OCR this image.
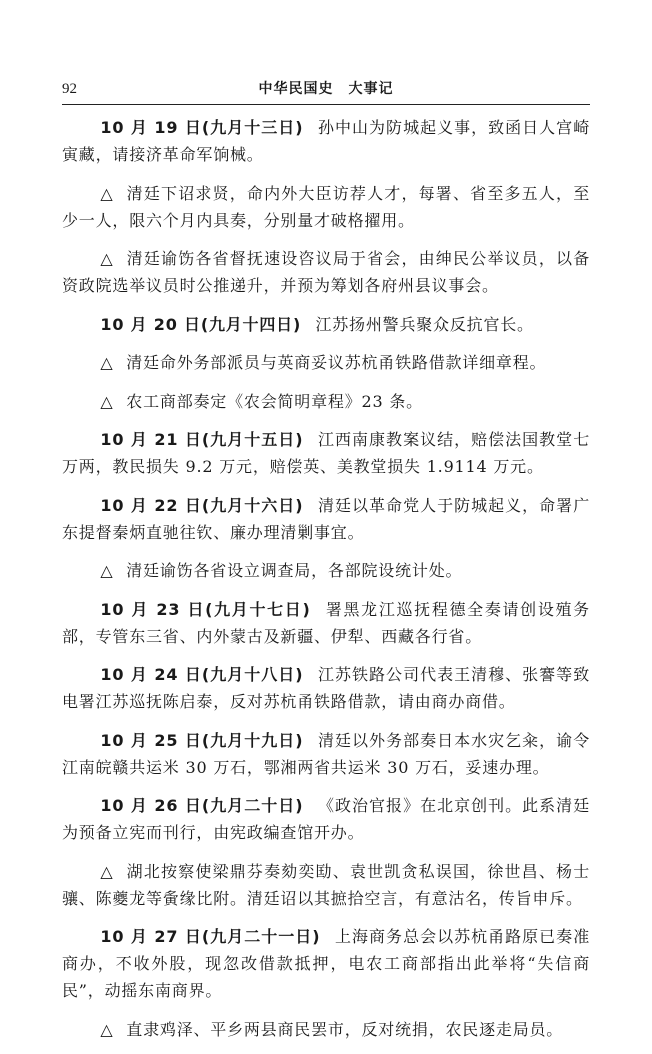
92	中华民国史　大事记

10 月 19 日(九月十三日) 孙中山为防城起义事，致函日人宫崎寅藏，请接济革命军饷械。

△ 清廷下诏求贤，命内外大臣访荐人才，每署、省至多五人，至少一人，限六个月内具奏，分别量才破格擢用。

△ 清廷谕饬各省督抚速设咨议局于省会，由绅民公举议员，以备资政院选举议员时公推递升，并预为筹划各府州县议事会。

10 月 20 日(九月十四日) 江苏扬州警兵聚众反抗官长。

△ 清廷命外务部派员与英商妥议苏杭甬铁路借款详细章程。

△ 农工商部奏定《农会简明章程》23 条。

10 月 21 日(九月十五日) 江西南康教案议结，赔偿法国教堂七万两，教民损失 9.2 万元，赔偿英、美教堂损失 1.9114 万元。

10 月 22 日(九月十六日) 清廷以革命党人于防城起义，命署广东提督秦炳直驰往钦、廉办理清剿事宜。

△ 清廷谕饬各省设立调查局，各部院设统计处。

10 月 23 日(九月十七日) 署黑龙江巡抚程德全奏请创设殖务部，专管东三省、内外蒙古及新疆、伊犁、西藏各行省。

10 月 24 日(九月十八日) 江苏铁路公司代表王清穆、张謇等致电署江苏巡抚陈启泰，反对苏杭甬铁路借款，请由商办商借。

10 月 25 日(九月十九日) 清廷以外务部奏日本水灾乞籴，谕令江南皖赣共运米 30 万石，鄂湘两省共运米 30 万石，妥速办理。

10 月 26 日(九月二十日) 《政治官报》在北京创刊。此系清廷为预备立宪而刊行，由宪政编查馆开办。

△ 湖北按察使梁鼎芬奏劾奕劻、袁世凯贪私误国，徐世昌、杨士骧、陈夔龙等夤缘比附。清廷诏以其摭拾空言，有意沽名，传旨申斥。

10 月 27 日(九月二十一日) 上海商务总会以苏杭甬路原已奏准商办，不收外股，现忽改借款抵押，电农工商部指出此举将“失信商民”，动摇东南商界。

△ 直隶鸡泽、平乡两县商民罢市，反对统捐，农民逐走局员。
